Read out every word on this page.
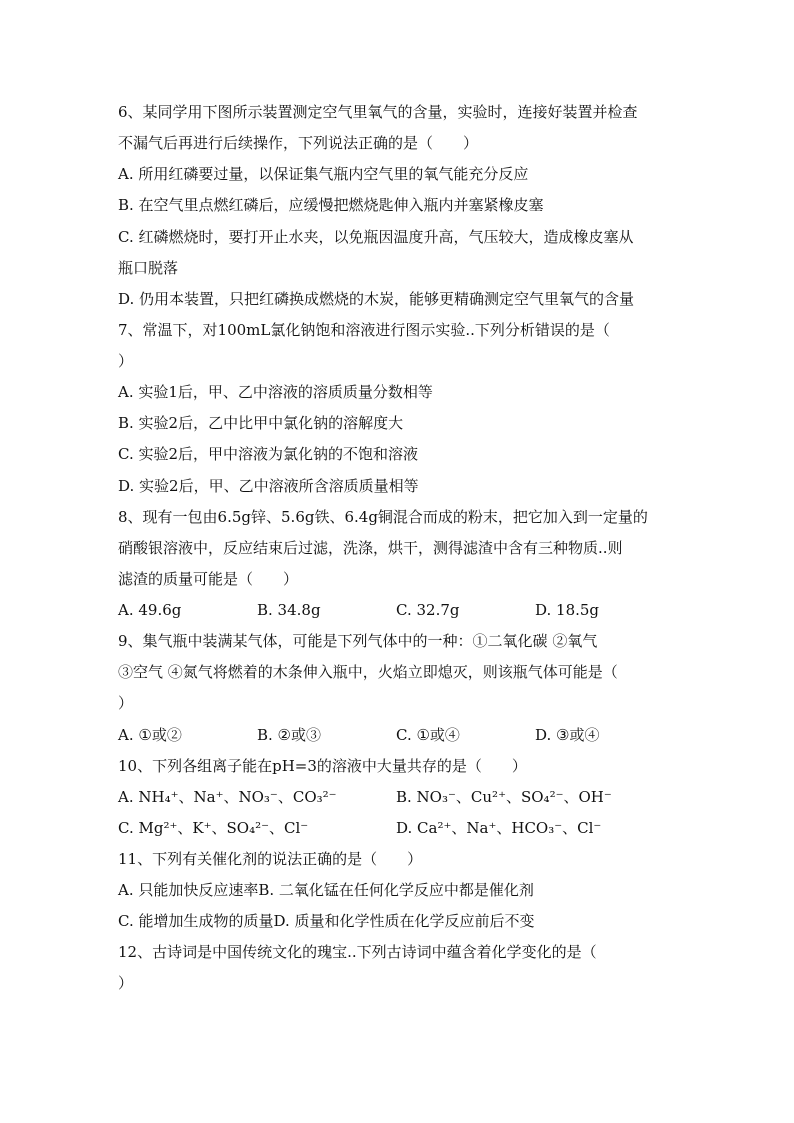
6、某同学用下图所示装置测定空气里氧气的含量，实验时，连接好装置并检查
不漏气后再进行后续操作，下列说法正确的是（　　）
A. 所用红磷要过量，以保证集气瓶内空气里的氧气能充分反应
B. 在空气里点燃红磷后，应缓慢把燃烧匙伸入瓶内并塞紧橡皮塞
C. 红磷燃烧时，要打开止水夹，以免瓶因温度升高，气压较大，造成橡皮塞从
瓶口脱落
D. 仍用本装置，只把红磷换成燃烧的木炭，能够更精确测定空气里氧气的含量
7、常温下，对100mL氯化钠饱和溶液进行图示实验..下列分析错误的是（
）
A. 实验1后，甲、乙中溶液的溶质质量分数相等
B. 实验2后，乙中比甲中氯化钠的溶解度大
C. 实验2后，甲中溶液为氯化钠的不饱和溶液
D. 实验2后，甲、乙中溶液所含溶质质量相等
8、现有一包由6.5g锌、5.6g铁、6.4g铜混合而成的粉末，把它加入到一定量的
硝酸银溶液中，反应结束后过滤，洗涤，烘干，测得滤渣中含有三种物质..则
滤渣的质量可能是（　　）
A. 49.6g	B. 34.8g	C. 32.7g	D. 18.5g
9、集气瓶中装满某气体，可能是下列气体中的一种：①二氧化碳 ②氧气
③空气 ④氮气将燃着的木条伸入瓶中，火焰立即熄灭，则该瓶气体可能是（
）
A. ①或②	B. ②或③	C. ①或④	D. ③或④
10、下列各组离子能在pH=3的溶液中大量共存的是（　　）
A. NH₄⁺、Na⁺、NO₃⁻、CO₃²⁻	B. NO₃⁻、Cu²⁺、SO₄²⁻、OH⁻
C. Mg²⁺、K⁺、SO₄²⁻、Cl⁻	D. Ca²⁺、Na⁺、HCO₃⁻、Cl⁻
11、下列有关催化剂的说法正确的是（　　）
A. 只能加快反应速率B. 二氧化锰在任何化学反应中都是催化剂
C. 能增加生成物的质量D. 质量和化学性质在化学反应前后不变
12、古诗词是中国传统文化的瑰宝..下列古诗词中蕴含着化学变化的是（
）
